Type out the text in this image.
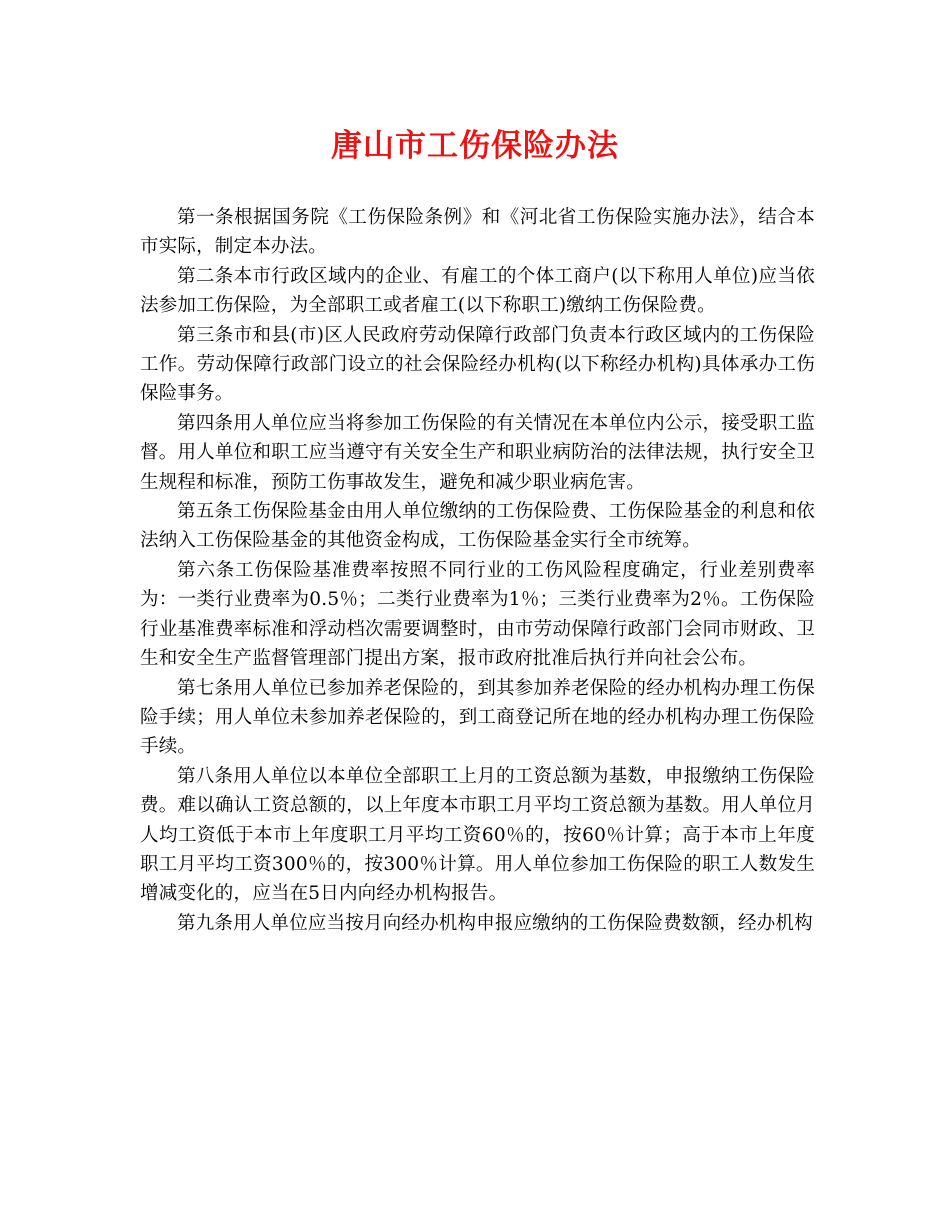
唐山市工伤保险办法

第一条根据国务院《工伤保险条例》和《河北省工伤保险实施办法》，结合本市实际，制定本办法。

第二条本市行政区域内的企业、有雇工的个体工商户(以下称用人单位)应当依法参加工伤保险，为全部职工或者雇工(以下称职工)缴纳工伤保险费。

第三条市和县(市)区人民政府劳动保障行政部门负责本行政区域内的工伤保险工作。劳动保障行政部门设立的社会保险经办机构(以下称经办机构)具体承办工伤保险事务。

第四条用人单位应当将参加工伤保险的有关情况在本单位内公示，接受职工监督。用人单位和职工应当遵守有关安全生产和职业病防治的法律法规，执行安全卫生规程和标准，预防工伤事故发生，避免和减少职业病危害。

第五条工伤保险基金由用人单位缴纳的工伤保险费、工伤保险基金的利息和依法纳入工伤保险基金的其他资金构成，工伤保险基金实行全市统筹。

第六条工伤保险基准费率按照不同行业的工伤风险程度确定，行业差别费率为：一类行业费率为0.5％；二类行业费率为1％；三类行业费率为2％。工伤保险行业基准费率标准和浮动档次需要调整时，由市劳动保障行政部门会同市财政、卫生和安全生产监督管理部门提出方案，报市政府批准后执行并向社会公布。

第七条用人单位已参加养老保险的，到其参加养老保险的经办机构办理工伤保险手续；用人单位未参加养老保险的，到工商登记所在地的经办机构办理工伤保险手续。

第八条用人单位以本单位全部职工上月的工资总额为基数，申报缴纳工伤保险费。难以确认工资总额的，以上年度本市职工月平均工资总额为基数。用人单位月人均工资低于本市上年度职工月平均工资60％的，按60％计算；高于本市上年度职工月平均工资300％的，按300％计算。用人单位参加工伤保险的职工人数发生增减变化的，应当在5日内向经办机构报告。

第九条用人单位应当按月向经办机构申报应缴纳的工伤保险费数额，经办机构
